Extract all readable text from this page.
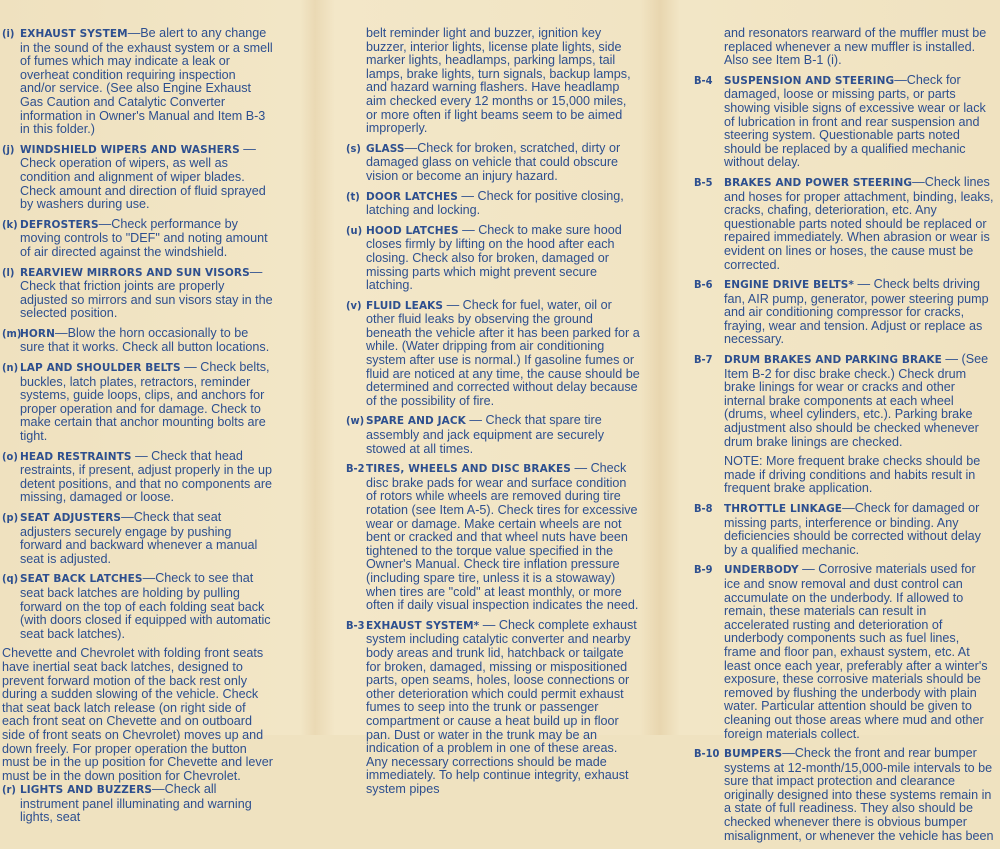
(i) EXHAUST SYSTEM—Be alert to any change in the sound of the exhaust system or a smell of fumes which may indicate a leak or overheat condition requiring inspection and/or service. (See also Engine Exhaust Gas Caution and Catalytic Converter information in Owner's Manual and Item B-3 in this folder.)
(j) WINDSHIELD WIPERS AND WASHERS — Check operation of wipers, as well as condition and alignment of wiper blades. Check amount and direction of fluid sprayed by washers during use.
(k) DEFROSTERS—Check performance by moving controls to "DEF" and noting amount of air directed against the windshield.
(l) REARVIEW MIRRORS AND SUN VISORS—Check that friction joints are properly adjusted so mirrors and sun visors stay in the selected position.
(m)
HORN—Blow the horn occasionally to be sure that it works. Check all button locations.
(n) LAP AND SHOULDER BELTS — Check belts, buckles, latch plates, retractors, reminder systems, guide loops, clips, and anchors for proper operation and for damage. Check to make certain that anchor mounting bolts are tight.
(o) HEAD RESTRAINTS — Check that head restraints, if present, adjust properly in the up detent positions, and that no components are missing, damaged or loose.
(p) SEAT ADJUSTERS—Check that seat adjusters securely engage by pushing forward and backward whenever a manual seat is adjusted.
(q) SEAT BACK LATCHES—Check to see that seat back latches are holding by pulling forward on the top of each folding seat back (with doors closed if equipped with automatic seat back latches).
Chevette and Chevrolet with folding front seats have inertial seat back latches, designed to prevent forward motion of the back rest only during a sudden slowing of the vehicle. Check that seat back latch release (on right side of each front seat on Chevette and on outboard side of front seats on Chevrolet) moves up and down freely. For proper operation the button must be in the up position for Chevette and lever must be in the down position for Chevrolet.
(r) LIGHTS AND BUZZERS—Check all instrument panel illuminating and warning lights, seat
belt reminder light and buzzer, ignition key buzzer, interior lights, license plate lights, side marker lights, headlamps, parking lamps, tail lamps, brake lights, turn signals, backup lamps, and hazard warning flashers. Have headlamp aim checked every 12 months or 15,000 miles, or more often if light beams seem to be aimed improperly.
(s) GLASS—Check for broken, scratched, dirty or damaged glass on vehicle that could obscure vision or become an injury hazard.
(t) DOOR LATCHES — Check for positive closing, latching and locking.
(u) HOOD LATCHES — Check to make sure hood closes firmly by lifting on the hood after each closing. Check also for broken, damaged or missing parts which might prevent secure latching.
(v) FLUID LEAKS — Check for fuel, water, oil or other fluid leaks by observing the ground beneath the vehicle after it has been parked for a while. (Water dripping from air conditioning system after use is normal.) If gasoline fumes or fluid are noticed at any time, the cause should be determined and corrected without delay because of the possibility of fire.
(w) SPARE AND JACK — Check that spare tire assembly and jack equipment are securely stowed at all times.
B-2 TIRES, WHEELS AND DISC BRAKES — Check disc brake pads for wear and surface condition of rotors while wheels are removed during tire rotation (see Item A-5). Check tires for excessive wear or damage. Make certain wheels are not bent or cracked and that wheel nuts have been tightened to the torque value specified in the Owner's Manual. Check tire inflation pressure (including spare tire, unless it is a stowaway) when tires are "cold" at least monthly, or more often if daily visual inspection indicates the need.
B-3 EXHAUST SYSTEM* — Check complete exhaust system including catalytic converter and nearby body areas and trunk lid, hatchback or tailgate for broken, damaged, missing or mispositioned parts, open seams, holes, loose connections or other deterioration which could permit exhaust fumes to seep into the trunk or passenger compartment or cause a heat build up in floor pan. Dust or water in the trunk may be an indication of a problem in one of these areas. Any necessary corrections should be made immediately. To help continue integrity, exhaust system pipes
and resonators rearward of the muffler must be replaced whenever a new muffler is installed. Also see Item B-1 (i).
B-4 SUSPENSION AND STEERING—Check for damaged, loose or missing parts, or parts showing visible signs of excessive wear or lack of lubrication in front and rear suspension and steering system. Questionable parts noted should be replaced by a qualified mechanic without delay.
B-5 BRAKES AND POWER STEERING—Check lines and hoses for proper attachment, binding, leaks, cracks, chafing, deterioration, etc. Any questionable parts noted should be replaced or repaired immediately. When abrasion or wear is evident on lines or hoses, the cause must be corrected.
B-6 ENGINE DRIVE BELTS* — Check belts driving fan, AIR pump, generator, power steering pump and air conditioning compressor for cracks, fraying, wear and tension. Adjust or replace as necessary.
B-7 DRUM BRAKES AND PARKING BRAKE — (See Item B-2 for disc brake check.) Check drum brake linings for wear or cracks and other internal brake components at each wheel (drums, wheel cylinders, etc.). Parking brake adjustment also should be checked whenever drum brake linings are checked.
NOTE: More frequent brake checks should be made if driving conditions and habits result in frequent brake application.
B-8 THROTTLE LINKAGE—Check for damaged or missing parts, interference or binding. Any deficiencies should be corrected without delay by a qualified mechanic.
B-9 UNDERBODY — Corrosive materials used for ice and snow removal and dust control can accumulate on the underbody. If allowed to remain, these materials can result in accelerated rusting and deterioration of underbody components such as fuel lines, frame and floor pan, exhaust system, etc. At least once each year, preferably after a winter's exposure, these corrosive materials should be removed by flushing the underbody with plain water. Particular attention should be given to cleaning out those areas where mud and other foreign materials collect.
B-10 BUMPERS—Check the front and rear bumper systems at 12-month/15,000-mile intervals to be sure that impact protection and clearance originally designed into these systems remain in a state of full readiness. They also should be checked whenever there is obvious bumper misalignment, or whenever the vehicle has been
